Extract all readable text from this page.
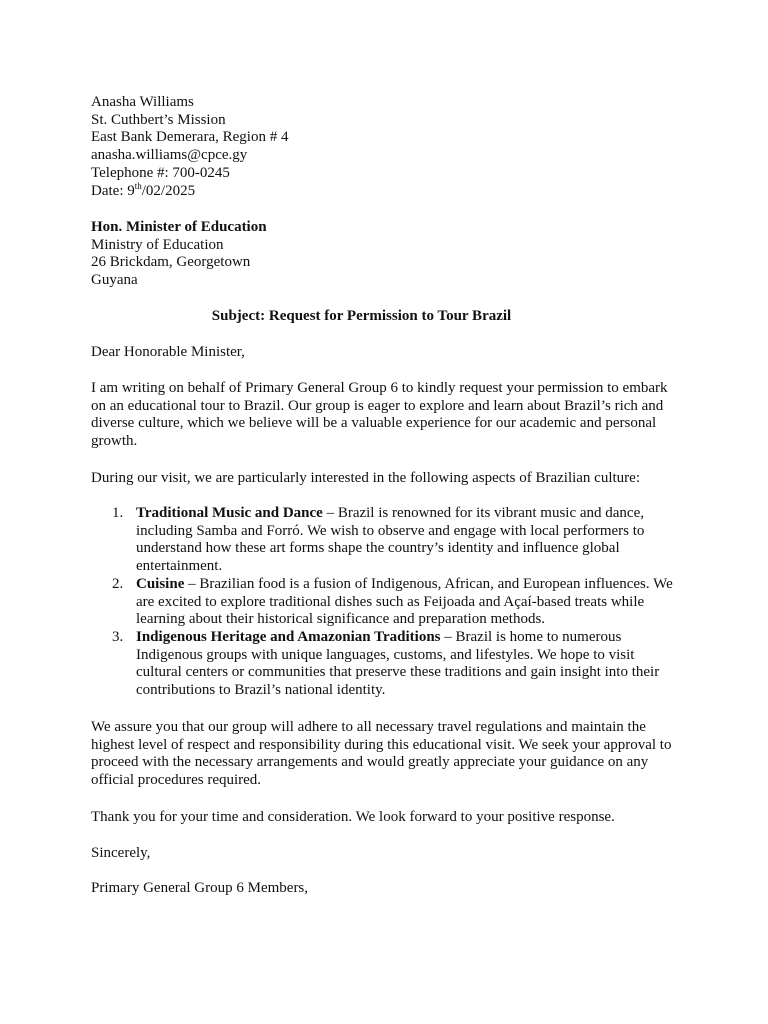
Anasha Williams
St. Cuthbert’s Mission
East Bank Demerara, Region # 4
anasha.williams@cpce.gy
Telephone #: 700-0245
Date: 9th/02/2025
Hon. Minister of Education
Ministry of Education
26 Brickdam, Georgetown
Guyana
Subject: Request for Permission to Tour Brazil
Dear Honorable Minister,
I am writing on behalf of Primary General Group 6 to kindly request your permission to embark
on an educational tour to Brazil. Our group is eager to explore and learn about Brazil’s rich and
diverse culture, which we believe will be a valuable experience for our academic and personal
growth.
During our visit, we are particularly interested in the following aspects of Brazilian culture:
1. Traditional Music and Dance – Brazil is renowned for its vibrant music and dance,
including Samba and Forró. We wish to observe and engage with local performers to
understand how these art forms shape the country’s identity and influence global
entertainment.
2. Cuisine – Brazilian food is a fusion of Indigenous, African, and European influences. We
are excited to explore traditional dishes such as Feijoada and Açaí-based treats while
learning about their historical significance and preparation methods.
3. Indigenous Heritage and Amazonian Traditions – Brazil is home to numerous
Indigenous groups with unique languages, customs, and lifestyles. We hope to visit
cultural centers or communities that preserve these traditions and gain insight into their
contributions to Brazil’s national identity.
We assure you that our group will adhere to all necessary travel regulations and maintain the
highest level of respect and responsibility during this educational visit. We seek your approval to
proceed with the necessary arrangements and would greatly appreciate your guidance on any
official procedures required.
Thank you for your time and consideration. We look forward to your positive response.
Sincerely,
Primary General Group 6 Members,
